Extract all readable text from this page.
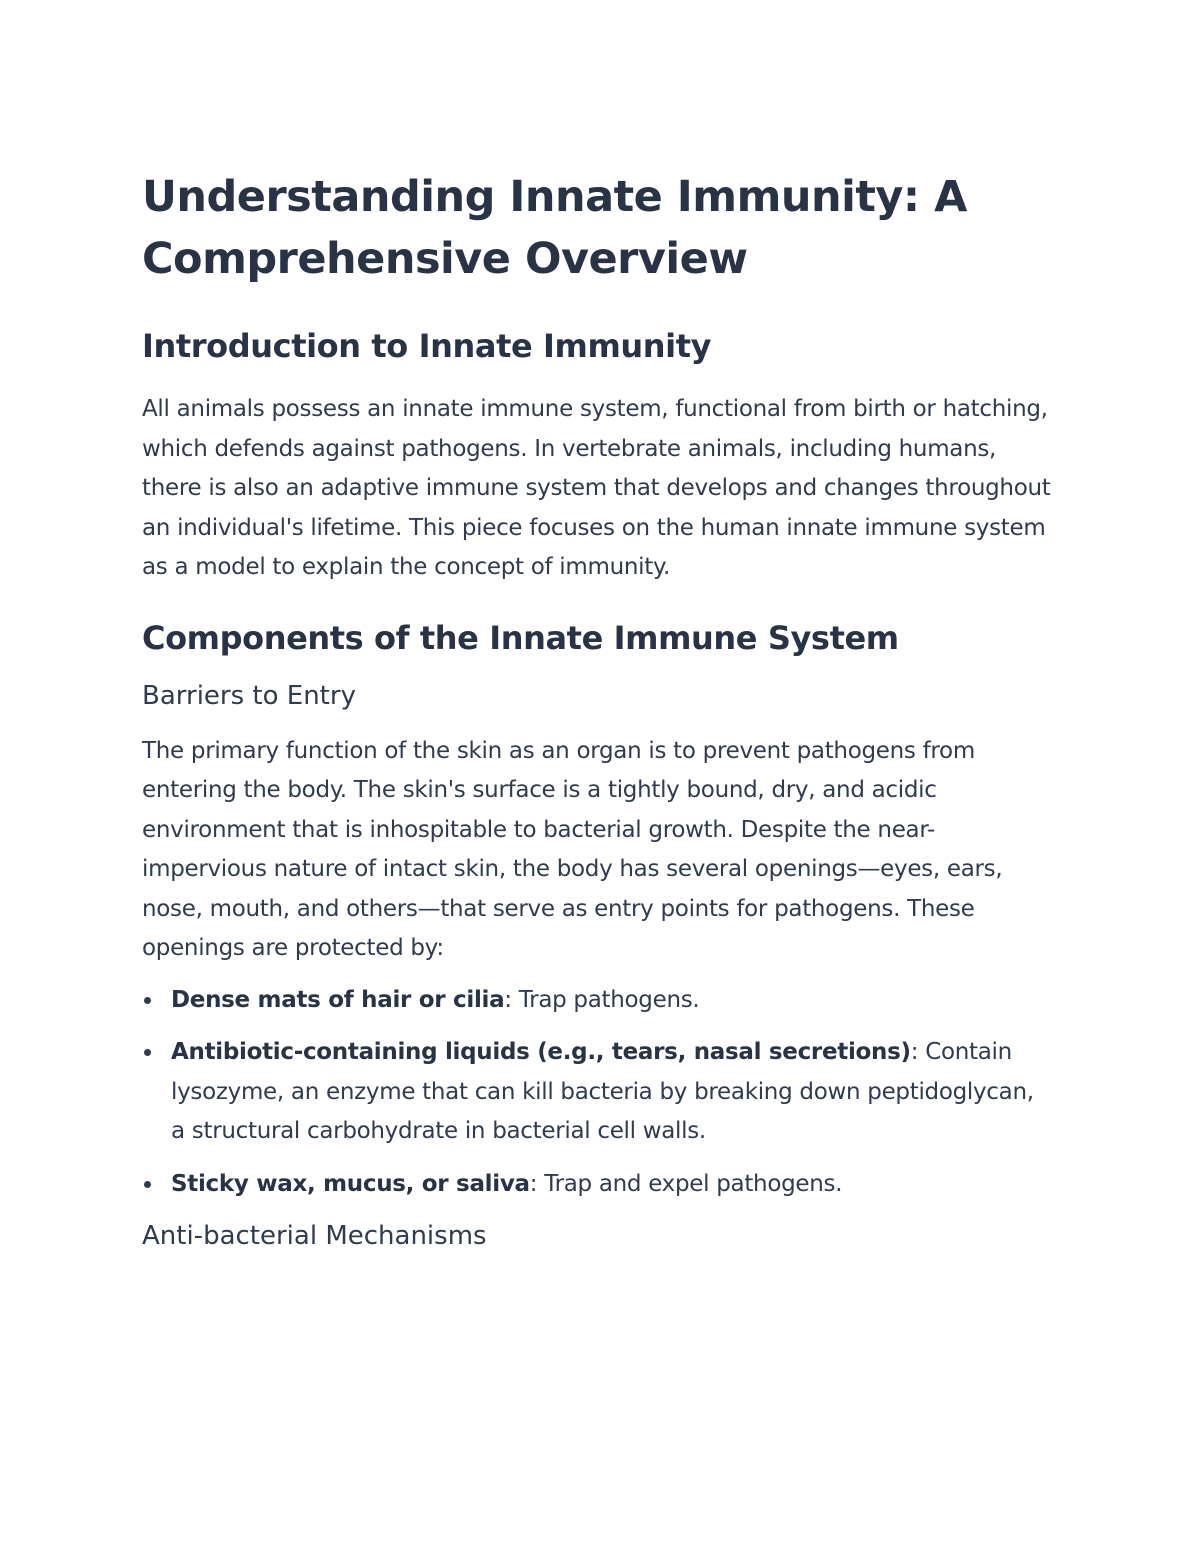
Understanding Innate Immunity: A Comprehensive Overview
Introduction to Innate Immunity

All animals possess an innate immune system, functional from birth or hatching, which defends against pathogens. In vertebrate animals, including humans, there is also an adaptive immune system that develops and changes throughout an individual's lifetime. This piece focuses on the human innate immune system as a model to explain the concept of immunity.

Components of the Innate Immune System
Barriers to Entry

The primary function of the skin as an organ is to prevent pathogens from entering the body. The skin's surface is a tightly bound, dry, and acidic environment that is inhospitable to bacterial growth. Despite the near-impervious nature of intact skin, the body has several openings—eyes, ears, nose, mouth, and others—that serve as entry points for pathogens. These openings are protected by:

Dense mats of hair or cilia: Trap pathogens.
Antibiotic-containing liquids (e.g., tears, nasal secretions): Contain lysozyme, an enzyme that can kill bacteria by breaking down peptidoglycan, a structural carbohydrate in bacterial cell walls.
Sticky wax, mucus, or saliva: Trap and expel pathogens.
Anti-bacterial Mechanisms
